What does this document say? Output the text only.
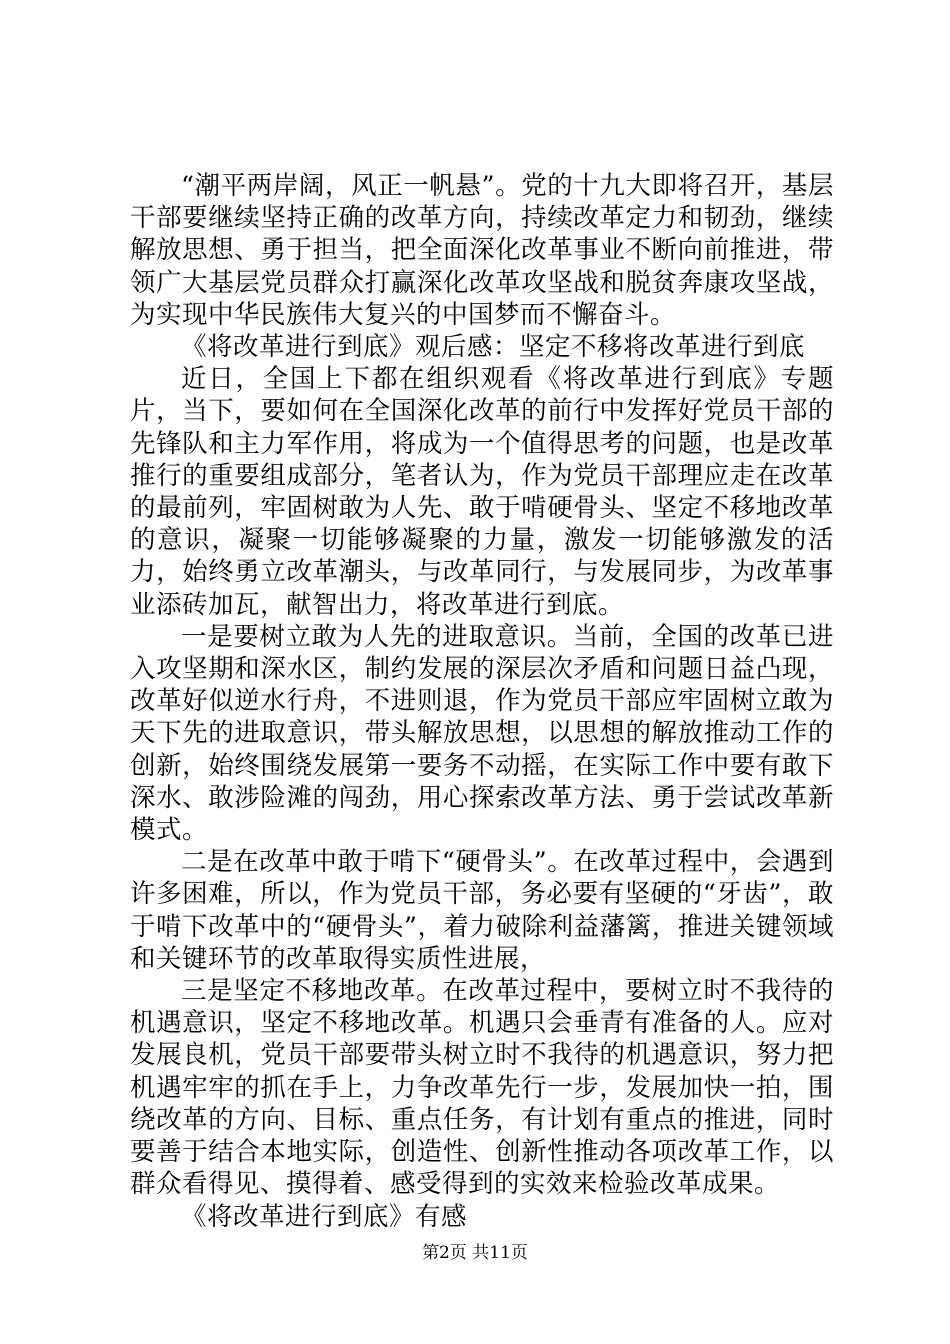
“潮平两岸阔，风正一帆悬”。党的十九大即将召开，基层干部要继续坚持正确的改革方向，持续改革定力和韧劲，继续解放思想、勇于担当，把全面深化改革事业不断向前推进，带领广大基层党员群众打赢深化改革攻坚战和脱贫奔康攻坚战，为实现中华民族伟大复兴的中国梦而不懈奋斗。

《将改革进行到底》观后感：坚定不移将改革进行到底

近日，全国上下都在组织观看《将改革进行到底》专题片，当下，要如何在全国深化改革的前行中发挥好党员干部的先锋队和主力军作用，将成为一个值得思考的问题，也是改革推行的重要组成部分，笔者认为，作为党员干部理应走在改革的最前列，牢固树敢为人先、敢于啃硬骨头、坚定不移地改革的意识，凝聚一切能够凝聚的力量，激发一切能够激发的活力，始终勇立改革潮头，与改革同行，与发展同步，为改革事业添砖加瓦，献智出力，将改革进行到底。

一是要树立敢为人先的进取意识。当前，全国的改革已进入攻坚期和深水区，制约发展的深层次矛盾和问题日益凸现，改革好似逆水行舟，不进则退，作为党员干部应牢固树立敢为天下先的进取意识，带头解放思想，以思想的解放推动工作的创新，始终围绕发展第一要务不动摇，在实际工作中要有敢下深水、敢涉险滩的闯劲，用心探索改革方法、勇于尝试改革新模式。

二是在改革中敢于啃下“硬骨头”。在改革过程中，会遇到许多困难，所以，作为党员干部，务必要有坚硬的“牙齿”，敢于啃下改革中的“硬骨头”，着力破除利益藩篱，推进关键领域和关键环节的改革取得实质性进展，

三是坚定不移地改革。在改革过程中，要树立时不我待的机遇意识，坚定不移地改革。机遇只会垂青有准备的人。应对发展良机，党员干部要带头树立时不我待的机遇意识，努力把机遇牢牢的抓在手上，力争改革先行一步，发展加快一拍，围绕改革的方向、目标、重点任务，有计划有重点的推进，同时要善于结合本地实际，创造性、创新性推动各项改革工作，以群众看得见、摸得着、感受得到的实效来检验改革成果。

《将改革进行到底》有感

第2页 共11页
